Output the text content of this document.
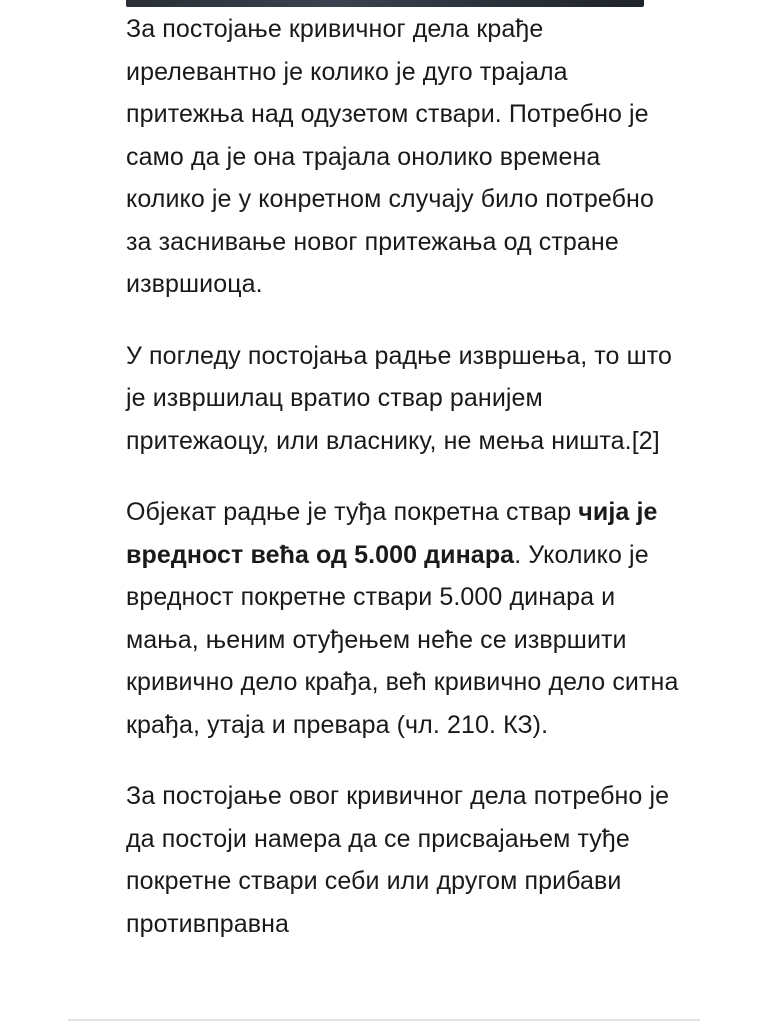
За постојање кривичног дела крађе ирелевантно је колико је дуго трајала притежња над одузетом ствари. Потребно је само да је она трајала онолико времена колико је у конретном случају било потребно за заснивање новог притежања од стране извршиоца.

У погледу постојања радње извршења, то што је извршилац вратио ствар ранијем притежаоцу, или власнику, не мења ништа.[2]

Објекат радње је туђа покретна ствар чија је вредност већа од 5.000 динара. Уколико је вредност покретне ствари 5.000 динара и мања, њеним отуђењем неће се извршити кривично дело крађа, већ кривично дело ситна крађа, утаја и превара (чл. 210. КЗ).

За постојање овог кривичног дела потребно је да постоји намера да се присвајањем туђе покретне ствари себи или другом прибави противправна
